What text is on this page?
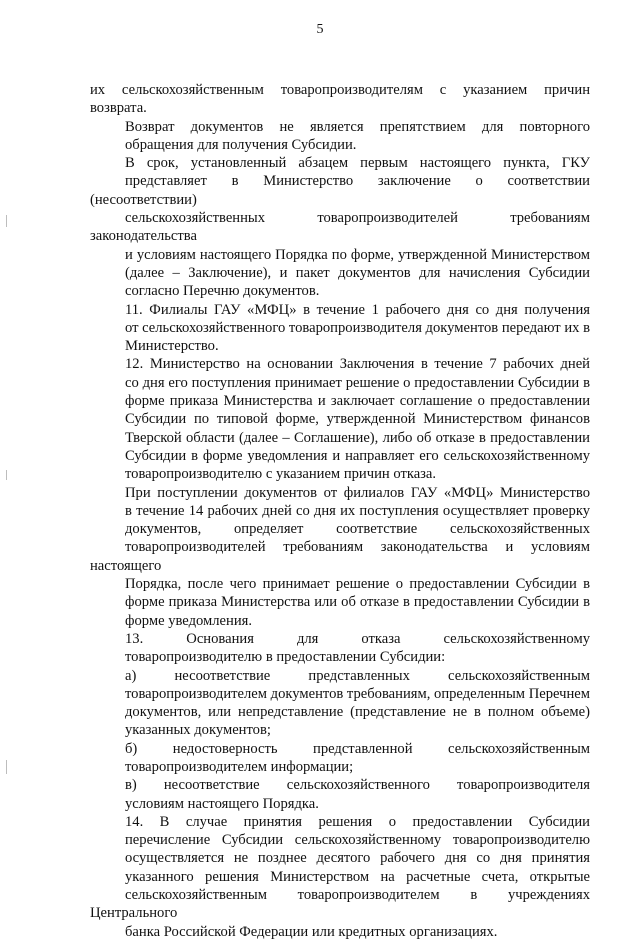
5
их сельскохозяйственным товаропроизводителям с указанием причин
возврата.
Возврат документов не является препятствием для повторного
обращения для получения Субсидии.
В срок, установленный абзацем первым настоящего пункта, ГКУ
представляет в Министерство заключение о соответствии (несоответствии)
сельскохозяйственных товаропроизводителей требованиям законодательства
и условиям настоящего Порядка по форме, утвержденной Министерством
(далее – Заключение), и пакет документов для начисления Субсидии
согласно Перечню документов.
11. Филиалы ГАУ «МФЦ» в течение 1 рабочего дня со дня получения
от сельскохозяйственного товаропроизводителя документов передают их в
Министерство.
12. Министерство на основании Заключения в течение 7 рабочих дней
со дня его поступления принимает решение о предоставлении Субсидии в
форме приказа Министерства и заключает соглашение о предоставлении
Субсидии по типовой форме, утвержденной Министерством финансов
Тверской области (далее – Соглашение), либо об отказе в предоставлении
Субсидии в форме уведомления и направляет его сельскохозяйственному
товаропроизводителю с указанием причин отказа.
При поступлении документов от филиалов ГАУ «МФЦ» Министерство
в течение 14 рабочих дней со дня их поступления осуществляет проверку
документов, определяет соответствие сельскохозяйственных
товаропроизводителей требованиям законодательства и условиям настоящего
Порядка, после чего принимает решение о предоставлении Субсидии в
форме приказа Министерства или об отказе в предоставлении Субсидии в
форме уведомления.
13. Основания для отказа сельскохозяйственному
товаропроизводителю в предоставлении Субсидии:
а) несоответствие представленных сельскохозяйственным
товаропроизводителем документов требованиям, определенным Перечнем
документов, или непредставление (представление не в полном объеме)
указанных документов;
б) недостоверность представленной сельскохозяйственным
товаропроизводителем информации;
в) несоответствие сельскохозяйственного товаропроизводителя
условиям настоящего Порядка.
14. В случае принятия решения о предоставлении Субсидии
перечисление Субсидии сельскохозяйственному товаропроизводителю
осуществляется не позднее десятого рабочего дня со дня принятия
указанного решения Министерством на расчетные счета, открытые
сельскохозяйственным товаропроизводителем в учреждениях Центрального
банка Российской Федерации или кредитных организациях.
